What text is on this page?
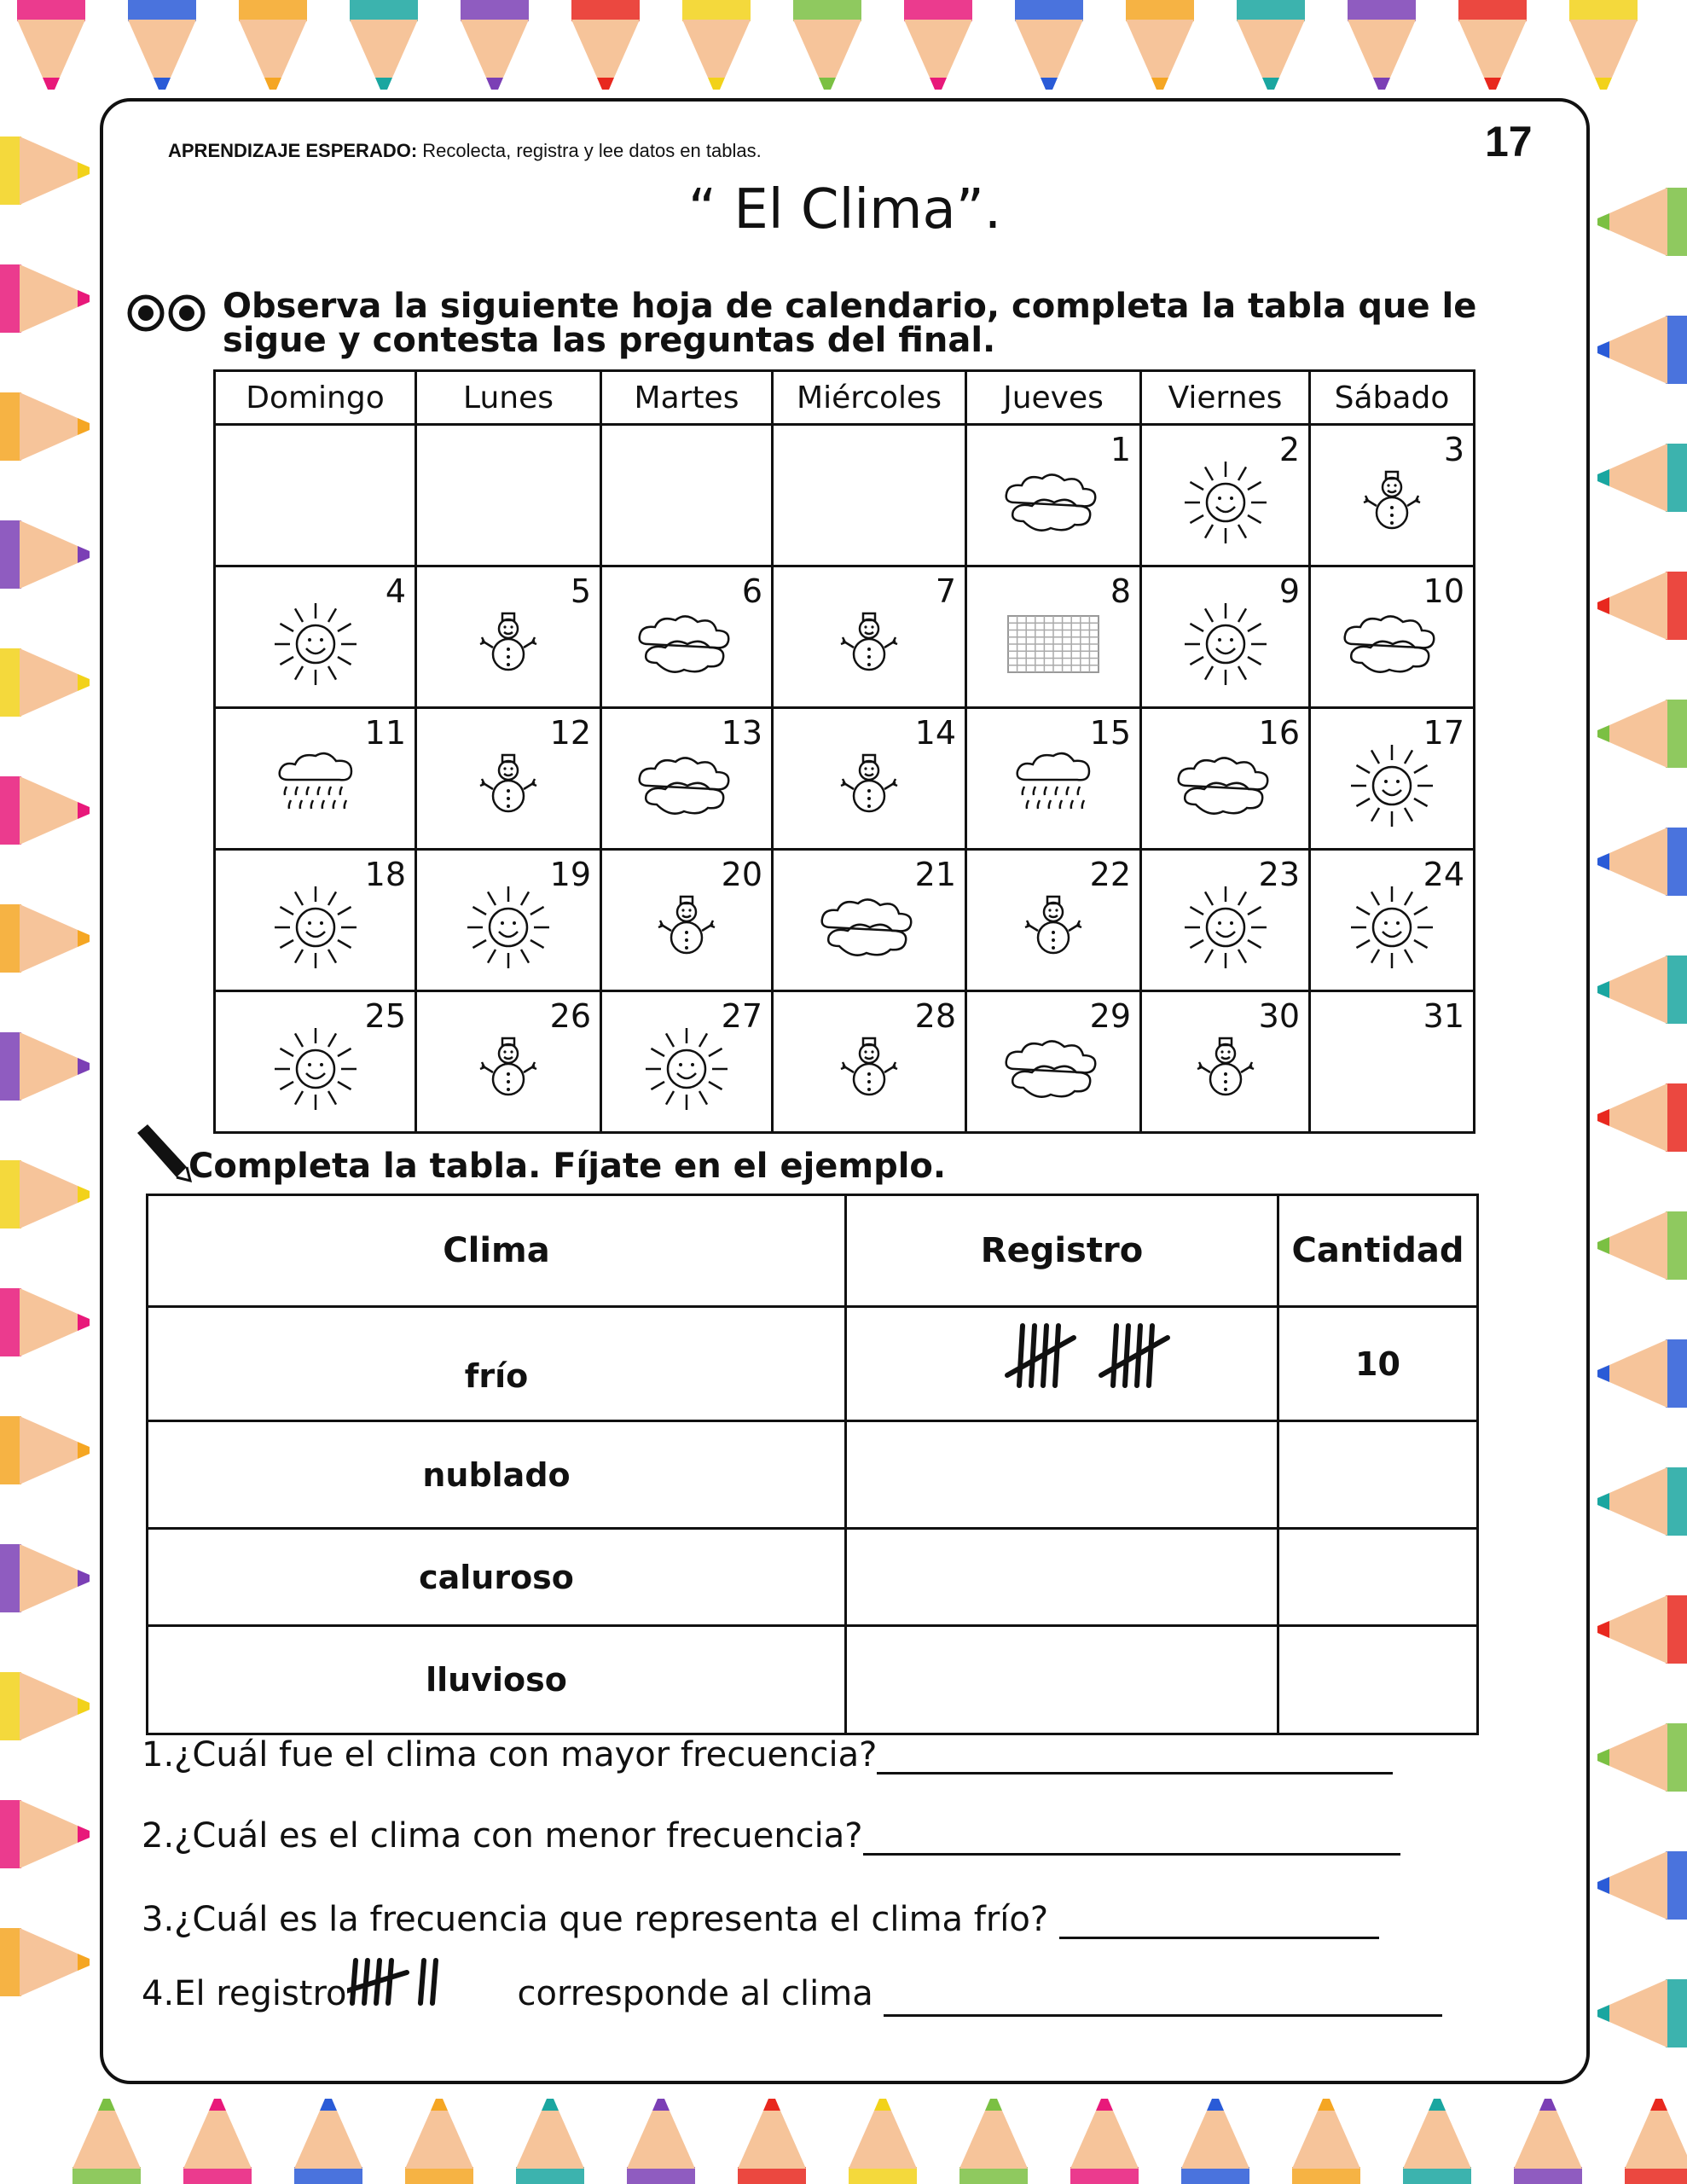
17
APRENDIZAJE ESPERADO: Recolecta, registra y lee datos en tablas.
“ El Clima”.
Observa la siguiente hoja de calendario, completa la tabla que le sigue y contesta las preguntas del final.
Domingo	Lunes	Martes	Miércoles	Jueves	Viernes	Sábado

				1	2	3

4	5	6	7	8	9	10

11	12	13	14	15	16	17

18	19	20	21	22	23	24

25	26	27	28	29	30	31
Completa la tabla. Fíjate en el ejemplo.
Clima	Registro	Cantidad
frío		10
nublado		
caluroso		
lluvioso		
1.¿Cuál fue el clima con mayor frecuencia?
2.¿Cuál es el clima con menor frecuencia?
3.¿Cuál es la frecuencia que representa el clima frío?
4.El registro	corresponde al clima
